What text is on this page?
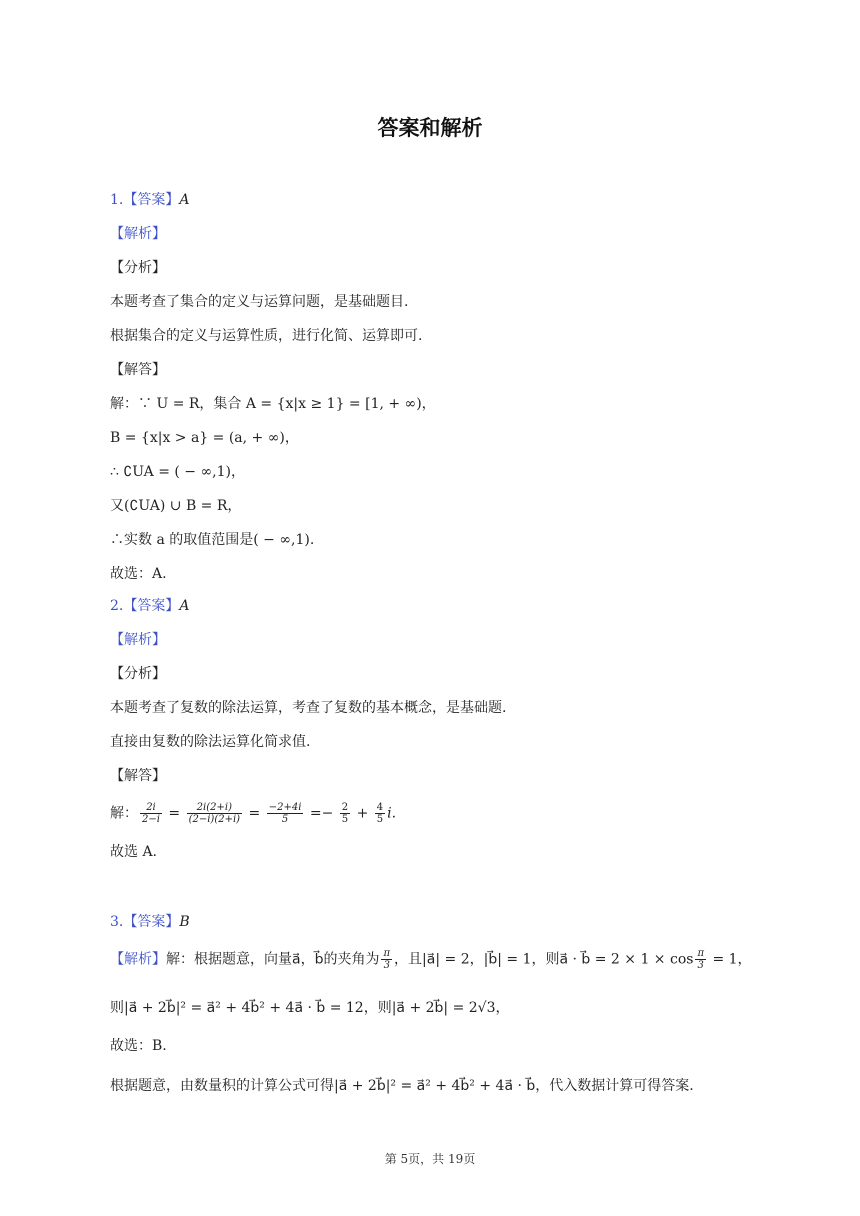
答案和解析
1.【答案】A
【解析】
【分析】
本题考查了集合的定义与运算问题，是基础题目.
根据集合的定义与运算性质，进行化简、运算即可.
【解答】
解：∵ U = R，集合 A = {x|x ≥ 1} = [1, + ∞)，
B = {x|x > a} = (a, + ∞)，
∴ ∁UA = ( − ∞,1)，
又(∁UA) ∪ B = R，
∴实数 a 的取值范围是( − ∞,1).
故选：A.
2.【答案】A
【解析】
【分析】
本题考查了复数的除法运算，考查了复数的基本概念，是基础题.
直接由复数的除法运算化简求值.
【解答】
解： $\frac{2i}{2-i} = \frac{2i(2+i)}{(2-i)(2+i)} = \frac{-2+4i}{5} =- \frac{2}{5} + \frac{4}{5} i$.
故选 A.
3.【答案】B
【解析】解：根据题意，向量a⃗，b⃗的夹角为 $\frac{\pi}{3}$ ，且|a⃗| = 2，|b⃗| = 1，则a⃗ · b⃗ = $2 \times 1 \times \cos \frac{\pi}{3} = 1$，
则|a⃗ + 2b⃗|² = a⃗² + 4b⃗² + 4a⃗ · b⃗ = 12，则|a⃗ + 2b⃗| = 2√3，
故选：B.
根据题意，由数量积的计算公式可得|a⃗ + 2b⃗|² = a⃗² + 4b⃗² + 4a⃗ · b⃗，代入数据计算可得答案.
第 5页，共 19页
